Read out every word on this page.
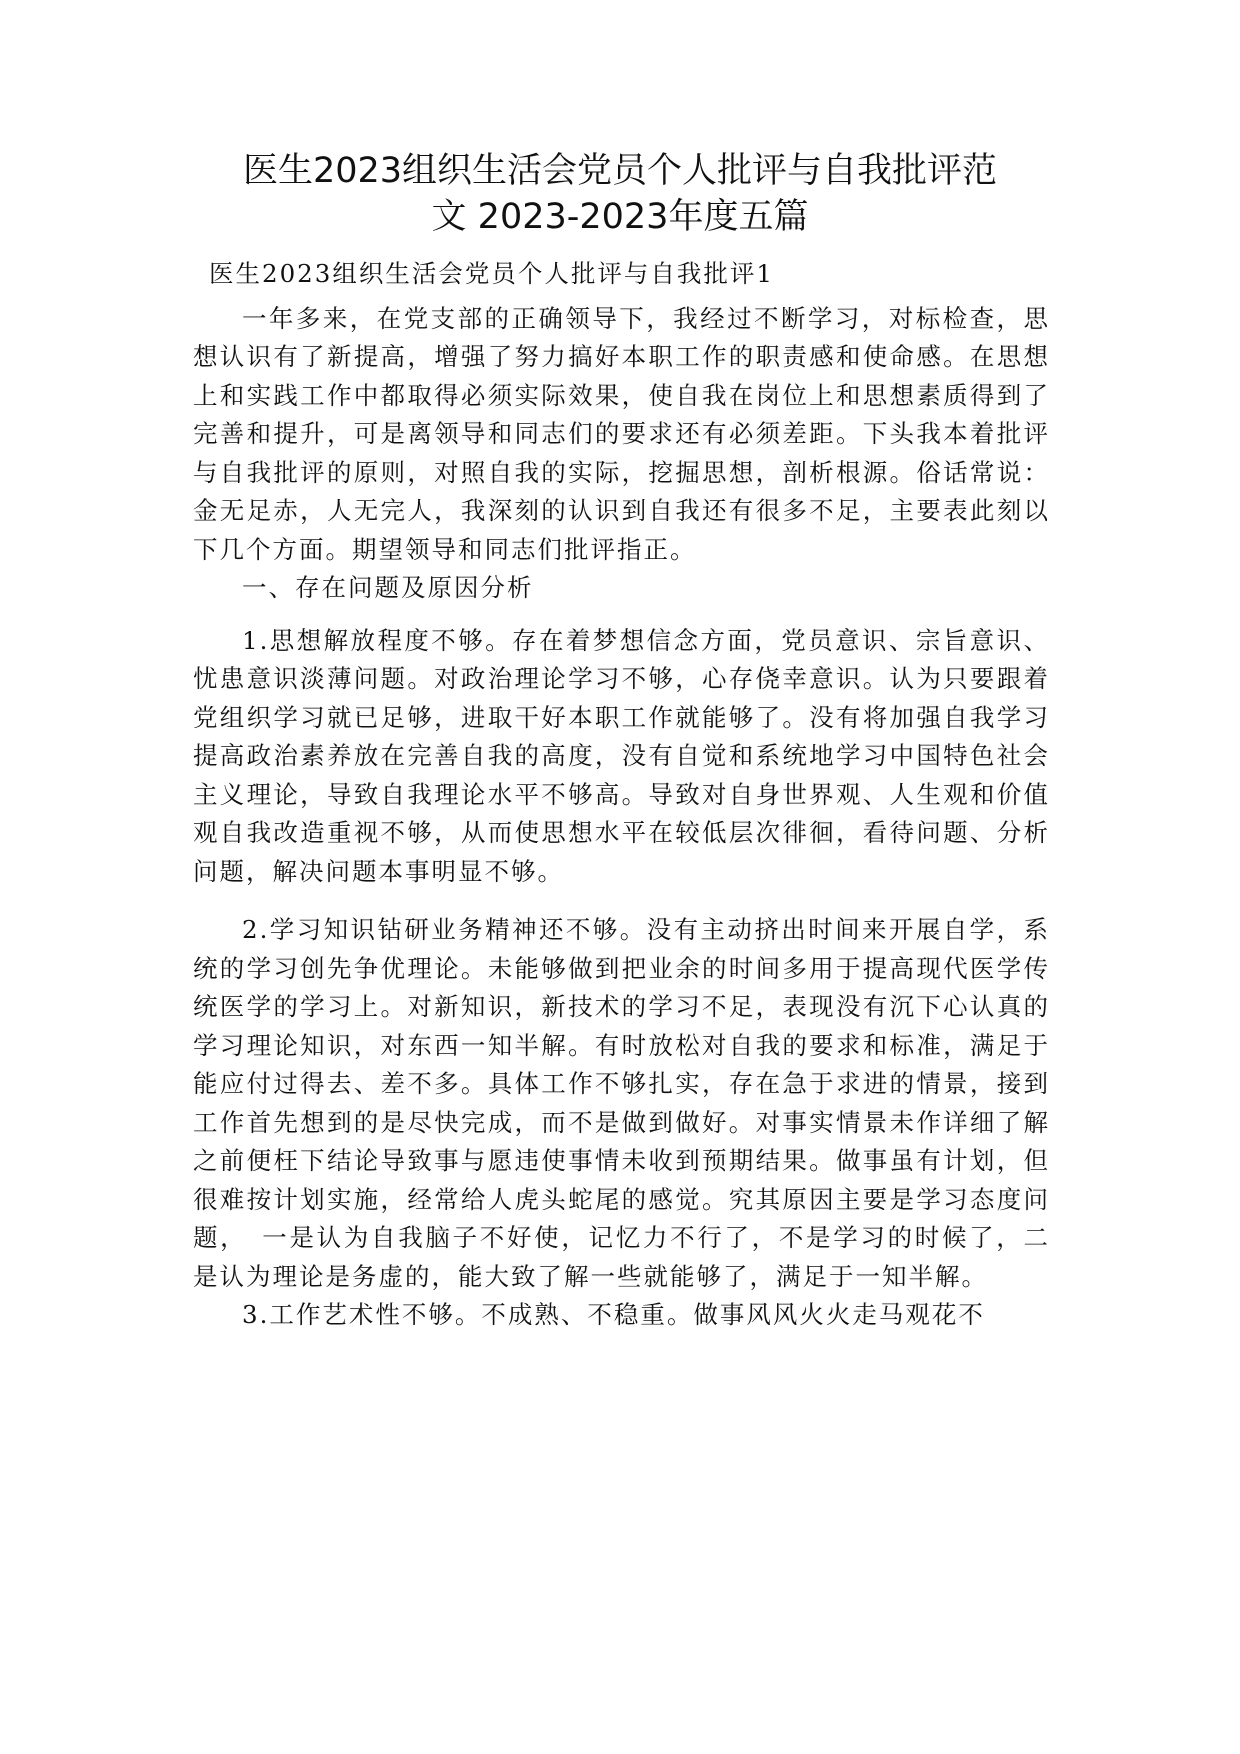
医生2023组织生活会党员个人批评与自我批评范
文 2023-2023年度五篇

医生2023组织生活会党员个人批评与自我批评1

一年多来，在党支部的正确领导下，我经过不断学习，对标检查，思想认识有了新提高，增强了努力搞好本职工作的职责感和使命感。在思想上和实践工作中都取得必须实际效果，使自我在岗位上和思想素质得到了完善和提升，可是离领导和同志们的要求还有必须差距。下头我本着批评与自我批评的原则，对照自我的实际，挖掘思想，剖析根源。俗话常说：金无足赤，人无完人，我深刻的认识到自我还有很多不足，主要表此刻以下几个方面。期望领导和同志们批评指正。

一、存在问题及原因分析

1.思想解放程度不够。存在着梦想信念方面，党员意识、宗旨意识、忧患意识淡薄问题。对政治理论学习不够，心存侥幸意识。认为只要跟着党组织学习就已足够，进取干好本职工作就能够了。没有将加强自我学习提高政治素养放在完善自我的高度，没有自觉和系统地学习中国特色社会主义理论，导致自我理论水平不够高。导致对自身世界观、人生观和价值观自我改造重视不够，从而使思想水平在较低层次徘徊，看待问题、分析问题，解决问题本事明显不够。

2.学习知识钻研业务精神还不够。没有主动挤出时间来开展自学，系统的学习创先争优理论。未能够做到把业余的时间多用于提高现代医学传统医学的学习上。对新知识，新技术的学习不足，表现没有沉下心认真的学习理论知识，对东西一知半解。有时放松对自我的要求和标准，满足于能应付过得去、差不多。具体工作不够扎实，存在急于求进的情景，接到工作首先想到的是尽快完成，而不是做到做好。对事实情景未作详细了解之前便枉下结论导致事与愿违使事情未收到预期结果。做事虽有计划，但很难按计划实施，经常给人虎头蛇尾的感觉。究其原因主要是学习态度问题，　一是认为自我脑子不好使，记忆力不行了，不是学习的时候了，二是认为理论是务虚的，能大致了解一些就能够了，满足于一知半解。

3.工作艺术性不够。不成熟、不稳重。做事风风火火走马观花不
